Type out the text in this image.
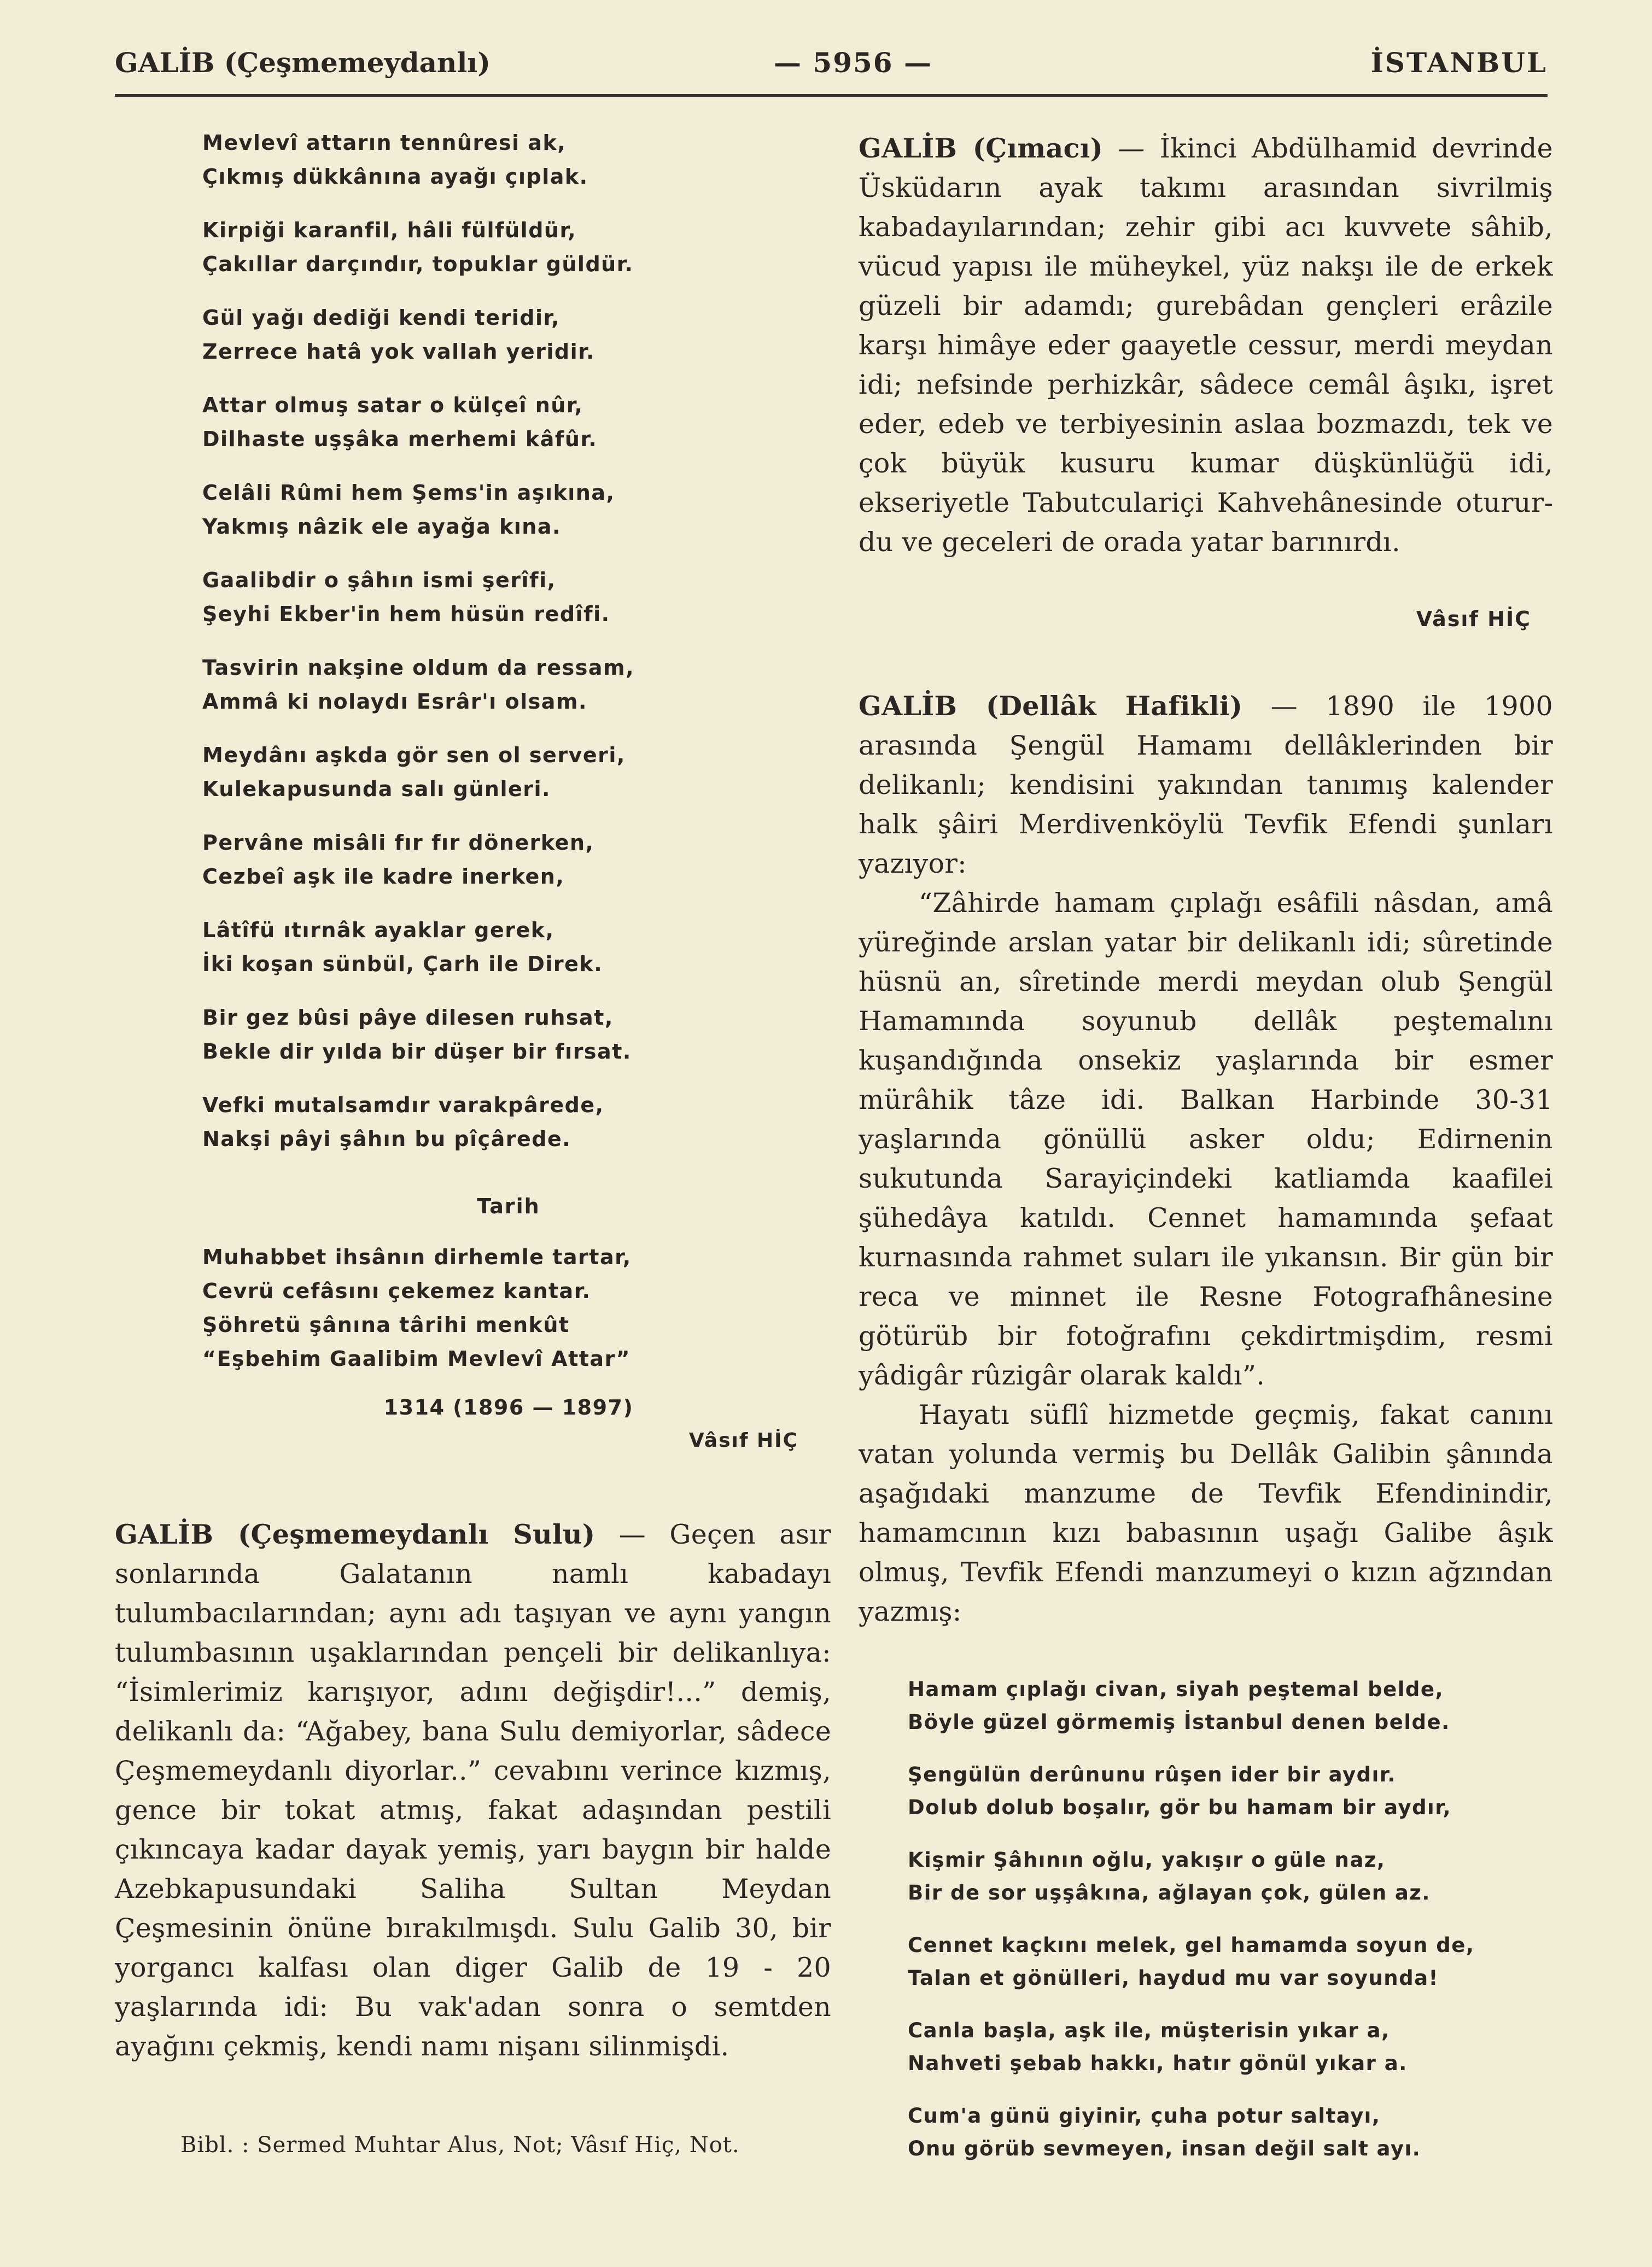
GALİB (Çeşmemeydanlı)	— 5956 —	İSTANBUL
Mevlevî attarın tennûresi ak,
Çıkmış dükkânına ayağı çıplak.
Kirpiği karanfil, hâli fülfüldür,
Çakıllar darçındır, topuklar güldür.
Gül yağı dediği kendi teridir,
Zerrece hatâ yok vallah yeridir.
Attar olmuş satar o külçeî nûr,
Dilhaste uşşâka merhemi kâfûr.
Celâli Rûmi hem Şems'in aşıkına,
Yakmış nâzik ele ayağa kına.
Gaalibdir o şâhın ismi şerîfi,
Şeyhi Ekber'in hem hüsün redîfi.
Tasvirin nakşine oldum da ressam,
Ammâ ki nolaydı Esrâr'ı olsam.
Meydânı aşkda gör sen ol serveri,
Kulekapusunda salı günleri.
Pervâne misâli fır fır dönerken,
Cezbeî aşk ile kadre inerken,
Lâtîfü ıtırnâk ayaklar gerek,
İki koşan sünbül, Çarh ile Direk.
Bir gez bûsi pâye dilesen ruhsat,
Bekle dir yılda bir düşer bir fırsat.
Vefki mutalsamdır varakpârede,
Nakşi pâyi şâhın bu pîçârede.
Tarih
Muhabbet ihsânın dirhemle tartar,
Cevrü cefâsını çekemez kantar.
Şöhretü şânına târihi menkût
“Eşbehim Gaalibim Mevlevî Attar”
1314 (1896 — 1897)
Vâsıf HİÇ

GALİB (Çeşmemeydanlı Sulu) — Geçen asır sonlarında Galatanın namlı kabadayı tulumbacılarından; aynı adı taşıyan ve aynı yangın tulumbasının uşaklarından pençeli bir delikanlıya: “İsimlerimiz karışıyor, adını değişdir!...” demiş, delikanlı da: “Ağabey, bana Sulu demiyorlar, sâdece Çeşmemeydanlı diyorlar..” cevabını verince kızmış, gence bir tokat atmış, fakat adaşından pestili çıkıncaya kadar dayak yemiş, yarı baygın bir halde Azebkapusundaki Saliha Sultan Meydan Çeşmesinin önüne bırakılmışdı. Sulu Galib 30, bir yorgancı kalfası olan diger Galib de 19 - 20 yaşlarında idi: Bu vak'adan sonra o semtden ayağını çekmiş, kendi namı nişanı silinmişdi.

Bibl. : Sermed Muhtar Alus, Not; Vâsıf Hiç, Not.

GALİB (Çımacı) — İkinci Abdülhamid devrinde Üsküdarın ayak takımı arasından sivrilmiş kabadayılarından; zehir gibi acı kuvvete sâhib, vücud yapısı ile müheykel, yüz nakşı ile de erkek güzeli bir adamdı; gurebâdan gençleri erâzile karşı himâye eder gaayetle cessur, merdi meydan idi; nefsinde perhizkâr, sâdece cemâl âşıkı, işret eder, edeb ve terbiyesinin aslaa bozmazdı, tek ve çok büyük kusuru kumar düşkünlüğü idi, ekseriyetle Tabutculariçi Kahvehânesinde otururdu ve geceleri de orada yatar barınırdı.

Vâsıf HİÇ

GALİB (Dellâk Hafikli) — 1890 ile 1900 arasında Şengül Hamamı dellâklerinden bir delikanlı; kendisini yakından tanımış kalender halk şâiri Merdivenköylü Tevfik Efendi şunları yazıyor:

“Zâhirde hamam çıplağı esâfili nâsdan, amâ yüreğinde arslan yatar bir delikanlı idi; sûretinde hüsnü an, sîretinde merdi meydan olub Şengül Hamamında soyunub dellâk peştemalını kuşandığında onsekiz yaşlarında bir esmer mürâhik tâze idi. Balkan Harbinde 30-31 yaşlarında gönüllü asker oldu; Edirnenin sukutunda Sarayiçindeki katliamda kaafilei şühedâya katıldı. Cennet hamamında şefaat kurnasında rahmet suları ile yıkansın. Bir gün bir reca ve minnet ile Resne Fotografhânesine götürüb bir fotoğrafını çekdirtmişdim, resmi yâdigâr rûzigâr olarak kaldı”.

Hayatı süflî hizmetde geçmiş, fakat canını vatan yolunda vermiş bu Dellâk Galibin şânında aşağıdaki manzume de Tevfik Efendinindir, hamamcının kızı babasının uşağı Galibe âşık olmuş, Tevfik Efendi manzumeyi o kızın ağzından yazmış:

Hamam çıplağı civan, siyah peştemal belde,
Böyle güzel görmemiş İstanbul denen belde.
Şengülün derûnunu rûşen ider bir aydır.
Dolub dolub boşalır, gör bu hamam bir aydır,
Kişmir Şâhının oğlu, yakışır o güle naz,
Bir de sor uşşâkına, ağlayan çok, gülen az.
Cennet kaçkını melek, gel hamamda soyun de,
Talan et gönülleri, haydud mu var soyunda!
Canla başla, aşk ile, müşterisin yıkar a,
Nahveti şebab hakkı, hatır gönül yıkar a.
Cum'a günü giyinir, çuha potur saltayı,
Onu görüb sevmeyen, insan değil salt ayı.
